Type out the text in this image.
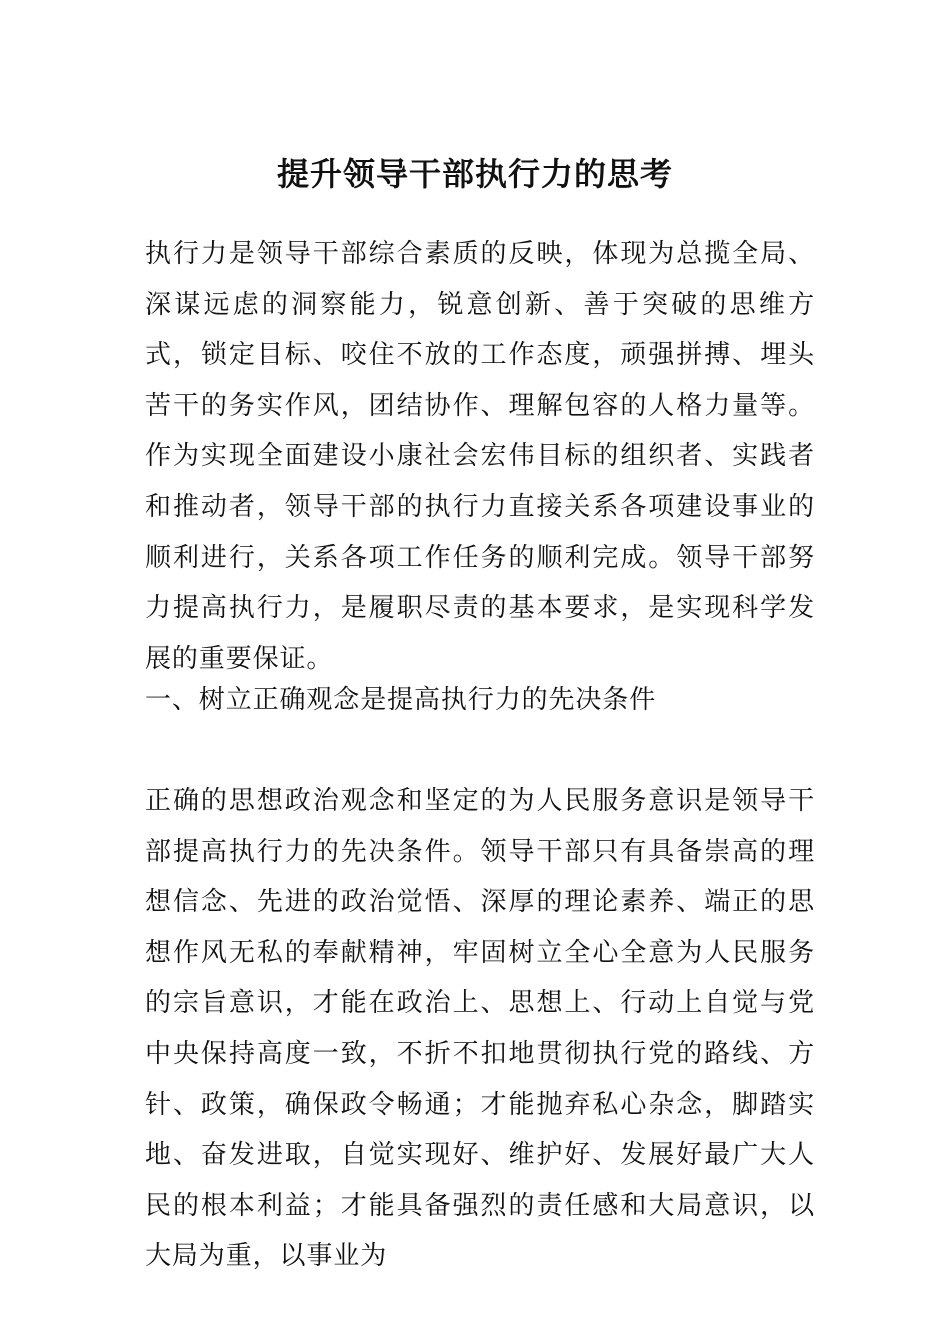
提升领导干部执行力的思考

执行力是领导干部综合素质的反映，体现为总揽全局、深谋远虑的洞察能力，锐意创新、善于突破的思维方式，锁定目标、咬住不放的工作态度，顽强拼搏、埋头苦干的务实作风，团结协作、理解包容的人格力量等。作为实现全面建设小康社会宏伟目标的组织者、实践者和推动者，领导干部的执行力直接关系各项建设事业的顺利进行，关系各项工作任务的顺利完成。领导干部努力提高执行力，是履职尽责的基本要求，是实现科学发展的重要保证。

一、树立正确观念是提高执行力的先决条件

正确的思想政治观念和坚定的为人民服务意识是领导干部提高执行力的先决条件。领导干部只有具备崇高的理想信念、先进的政治觉悟、深厚的理论素养、端正的思想作风无私的奉献精神，牢固树立全心全意为人民服务的宗旨意识，才能在政治上、思想上、行动上自觉与党中央保持高度一致，不折不扣地贯彻执行党的路线、方针、政策，确保政令畅通；才能抛弃私心杂念，脚踏实地、奋发进取，自觉实现好、维护好、发展好最广大人民的根本利益；才能具备强烈的责任感和大局意识，以大局为重，以事业为
